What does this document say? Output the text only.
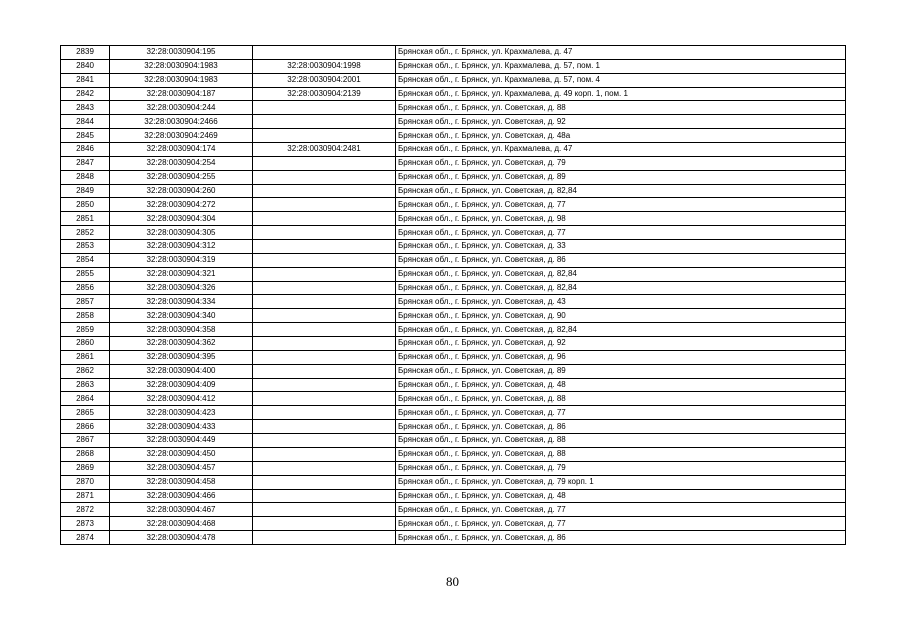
2839	32:28:0030904:195		Брянская обл., г. Брянск, ул. Крахмалева, д. 47
2840	32:28:0030904:1983	32:28:0030904:1998	Брянская обл., г. Брянск, ул. Крахмалева, д. 57, пом. 1
2841	32:28:0030904:1983	32:28:0030904:2001	Брянская обл., г. Брянск, ул. Крахмалева, д. 57, пом. 4
2842	32:28:0030904:187	32:28:0030904:2139	Брянская обл., г. Брянск, ул. Крахмалева, д. 49 корп. 1, пом. 1
2843	32:28:0030904:244		Брянская обл., г. Брянск, ул. Советская, д. 88
2844	32:28:0030904:2466		Брянская обл., г. Брянск, ул. Советская, д. 92
2845	32:28:0030904:2469		Брянская обл., г. Брянск, ул. Советская, д. 48а
2846	32:28:0030904:174	32:28:0030904:2481	Брянская обл., г. Брянск, ул. Крахмалева, д. 47
2847	32:28:0030904:254		Брянская обл., г. Брянск, ул. Советская, д. 79
2848	32:28:0030904:255		Брянская обл., г. Брянск, ул. Советская, д. 89
2849	32:28:0030904:260		Брянская обл., г. Брянск, ул. Советская, д. 82,84
2850	32:28:0030904:272		Брянская обл., г. Брянск, ул. Советская, д. 77
2851	32:28:0030904:304		Брянская обл., г. Брянск, ул. Советская, д. 98
2852	32:28:0030904:305		Брянская обл., г. Брянск, ул. Советская, д. 77
2853	32:28:0030904:312		Брянская обл., г. Брянск, ул. Советская, д. 33
2854	32:28:0030904:319		Брянская обл., г. Брянск, ул. Советская, д. 86
2855	32:28:0030904:321		Брянская обл., г. Брянск, ул. Советская, д. 82,84
2856	32:28:0030904:326		Брянская обл., г. Брянск, ул. Советская, д. 82,84
2857	32:28:0030904:334		Брянская обл., г. Брянск, ул. Советская, д. 43
2858	32:28:0030904:340		Брянская обл., г. Брянск, ул. Советская, д. 90
2859	32:28:0030904:358		Брянская обл., г. Брянск, ул. Советская, д. 82,84
2860	32:28:0030904:362		Брянская обл., г. Брянск, ул. Советская, д. 92
2861	32:28:0030904:395		Брянская обл., г. Брянск, ул. Советская, д. 96
2862	32:28:0030904:400		Брянская обл., г. Брянск, ул. Советская, д. 89
2863	32:28:0030904:409		Брянская обл., г. Брянск, ул. Советская, д. 48
2864	32:28:0030904:412		Брянская обл., г. Брянск, ул. Советская, д. 88
2865	32:28:0030904:423		Брянская обл., г. Брянск, ул. Советская, д. 77
2866	32:28:0030904:433		Брянская обл., г. Брянск, ул. Советская, д. 86
2867	32:28:0030904:449		Брянская обл., г. Брянск, ул. Советская, д. 88
2868	32:28:0030904:450		Брянская обл., г. Брянск, ул. Советская, д. 88
2869	32:28:0030904:457		Брянская обл., г. Брянск, ул. Советская, д. 79
2870	32:28:0030904:458		Брянская обл., г. Брянск, ул. Советская, д. 79 корп. 1
2871	32:28:0030904:466		Брянская обл., г. Брянск, ул. Советская, д. 48
2872	32:28:0030904:467		Брянская обл., г. Брянск, ул. Советская, д. 77
2873	32:28:0030904:468		Брянская обл., г. Брянск, ул. Советская, д. 77
2874	32:28:0030904:478		Брянская обл., г. Брянск, ул. Советская, д. 86
80
